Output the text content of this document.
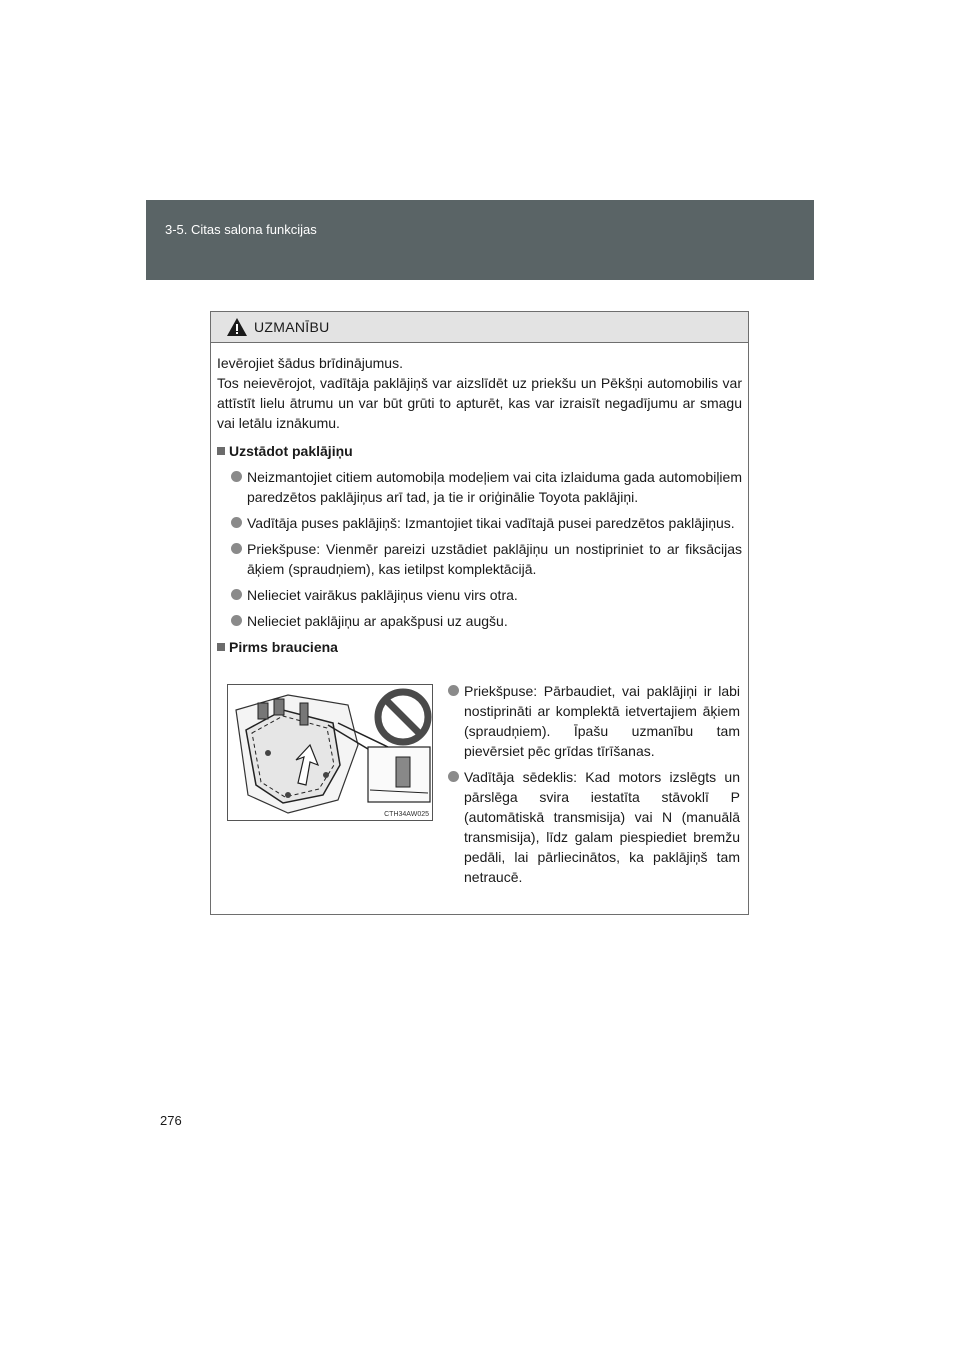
3-5. Citas salona funkcijas
UZMANĪBU

Ievērojiet šādus brīdinājumus.

Tos neievērojot, vadītāja paklājiņš var aizslīdēt uz priekšu un Pēkšņi automobilis var attīstīt lielu ātrumu un var būt grūti to apturēt, kas var izraisīt negadījumu ar smagu vai letālu iznākumu.

Uzstādot paklājiņu
Neizmantojiet citiem automobiļa modeļiem vai cita izlaiduma gada automobiļiem paredzētos paklājiņus arī tad, ja tie ir oriģinālie Toyota paklājiņi.
Vadītāja puses paklājiņš: Izmantojiet tikai vadītajā pusei paredzētos paklājiņus.
Priekšpuse: Vienmēr pareizi uzstādiet paklājiņu un nostipriniet to ar fiksācijas āķiem (spraudņiem), kas ietilpst komplektācijā.
Nelieciet vairākus paklājiņus vienu virs otra.
Nelieciet paklājiņu ar apakšpusi uz augšu.
Pirms brauciena
CTH34AW025
Priekšpuse: Pārbaudiet, vai paklājiņi ir labi nostiprināti ar komplektā ietvertajiem āķiem (spraudņiem). Īpašu uzmanību tam pievērsiet pēc grīdas tīrīšanas.
Vadītāja sēdeklis: Kad motors izslēgts un pārslēga svira iestatīta stāvoklī P (automātiskā transmisija) vai N (manuālā transmisija), līdz galam piespiediet bremžu pedāli, lai pārliecinātos, ka paklājiņš tam netraucē.
276
